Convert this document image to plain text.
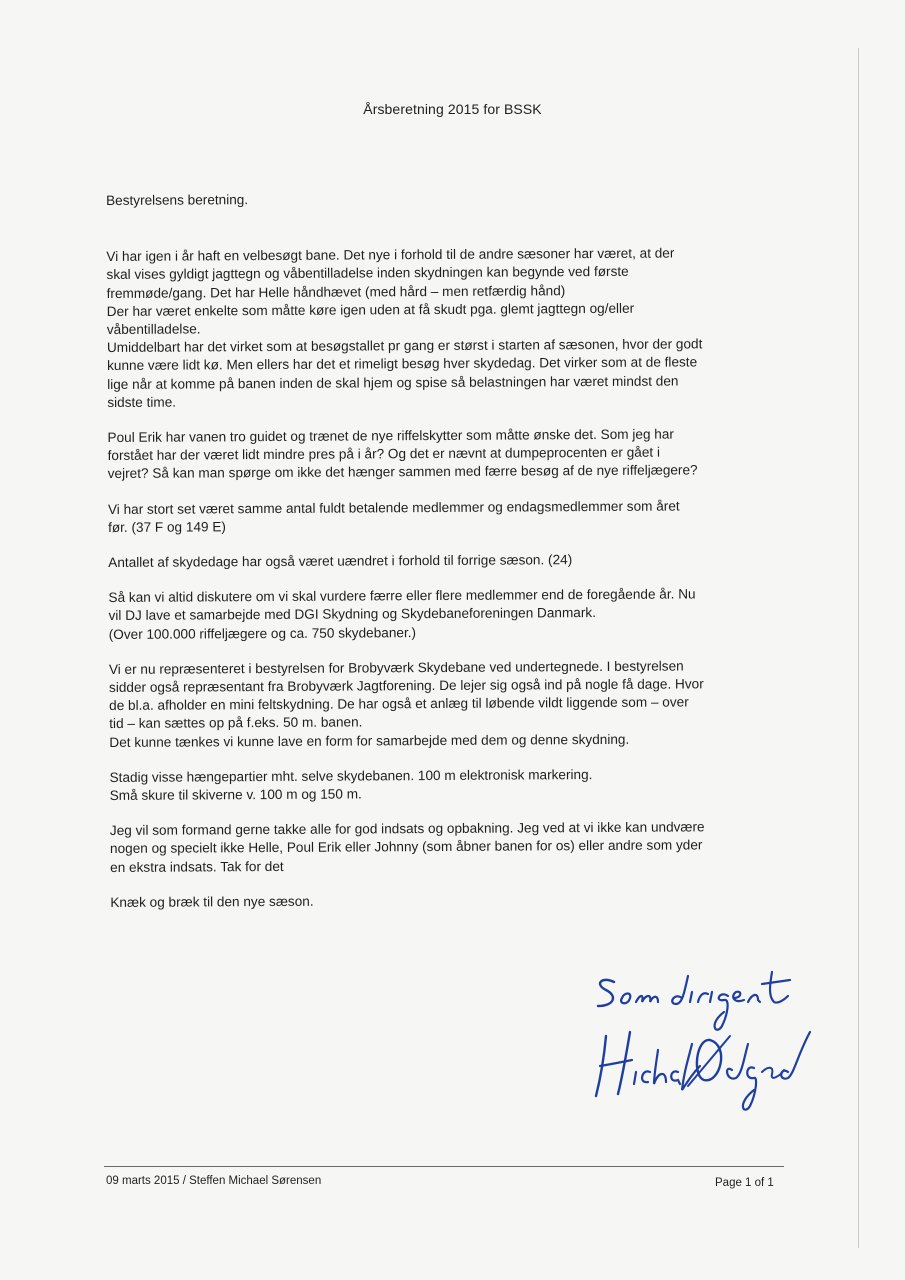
Årsberetning 2015 for BSSK
Bestyrelsens beretning.
Vi har igen i år haft en velbesøgt bane. Det nye i forhold til de andre sæsoner har været, at der
skal vises gyldigt jagttegn og våbentilladelse inden skydningen kan begynde ved første
fremmøde/gang. Det har Helle håndhævet (med hård – men retfærdig hånd)
Der har været enkelte som måtte køre igen uden at få skudt pga. glemt jagttegn og/eller
våbentilladelse.
Umiddelbart har det virket som at besøgstallet pr gang er størst i starten af sæsonen, hvor der godt
kunne være lidt kø. Men ellers har det et rimeligt besøg hver skydedag. Det virker som at de fleste
lige når at komme på banen inden de skal hjem og spise så belastningen har været mindst den
sidste time.
Poul Erik har vanen tro guidet og trænet de nye riffelskytter som måtte ønske det. Som jeg har
forstået har der været lidt mindre pres på i år? Og det er nævnt at dumpeprocenten er gået i
vejret? Så kan man spørge om ikke det hænger sammen med færre besøg af de nye riffeljægere?
Vi har stort set været samme antal fuldt betalende medlemmer og endagsmedlemmer som året
før. (37 F og 149 E)
Antallet af skydedage har også været uændret i forhold til forrige sæson. (24)
Så kan vi altid diskutere om vi skal vurdere færre eller flere medlemmer end de foregående år. Nu
vil DJ lave et samarbejde med DGI Skydning og Skydebaneforeningen Danmark.
(Over 100.000 riffeljægere og ca. 750 skydebaner.)
Vi er nu repræsenteret i bestyrelsen for Brobyværk Skydebane ved undertegnede. I bestyrelsen
sidder også repræsentant fra Brobyværk Jagtforening. De lejer sig også ind på nogle få dage. Hvor
de bl.a. afholder en mini feltskydning. De har også et anlæg til løbende vildt liggende som – over
tid – kan sættes op på f.eks. 50 m. banen.
Det kunne tænkes vi kunne lave en form for samarbejde med dem og denne skydning.
Stadig visse hængepartier mht. selve skydebanen. 100 m elektronisk markering.
Små skure til skiverne v. 100 m og 150 m.
Jeg vil som formand gerne takke alle for god indsats og opbakning. Jeg ved at vi ikke kan undvære
nogen og specielt ikke Helle, Poul Erik eller Johnny (som åbner banen for os) eller andre som yder
en ekstra indsats. Tak for det
Knæk og bræk til den nye sæson.
09 marts 2015 / Steffen Michael Sørensen	Page 1 of 1
